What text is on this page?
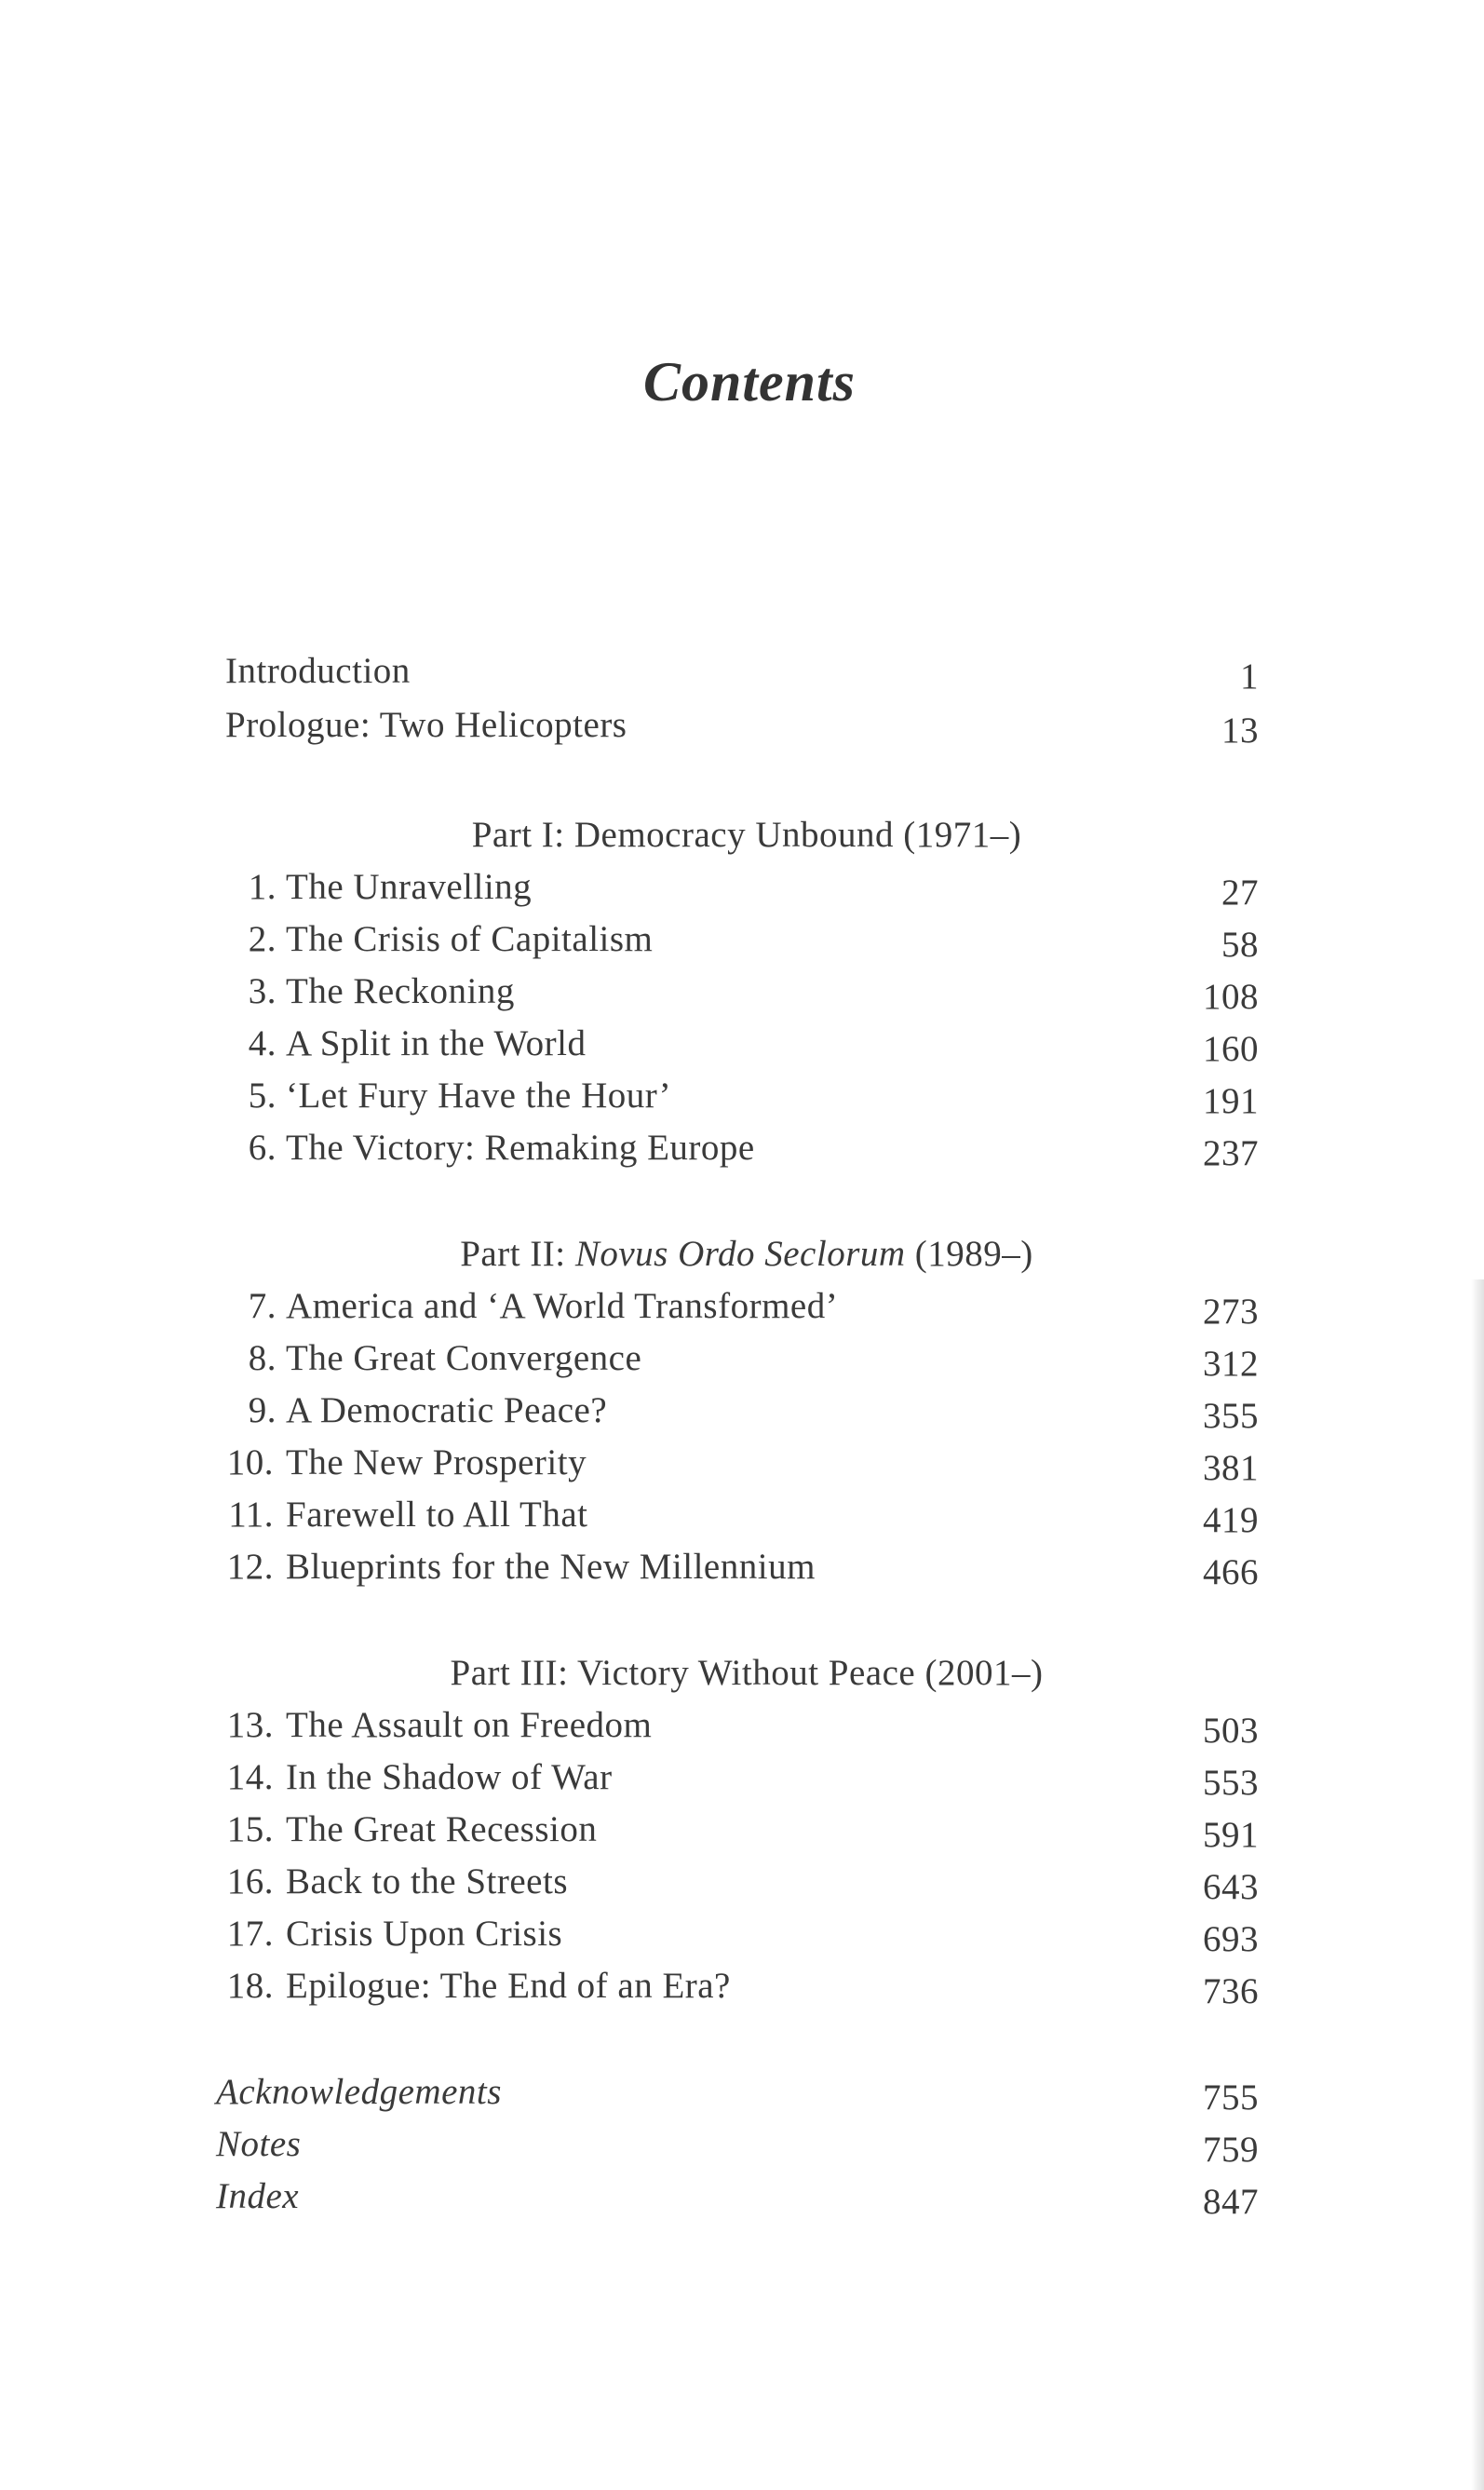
Contents
Introduction	1
Prologue: Two Helicopters	13
Part I: Democracy Unbound (1971–)
1. The Unravelling	27
2. The Crisis of Capitalism	58
3. The Reckoning	108
4. A Split in the World	160
5. ‘Let Fury Have the Hour’	191
6. The Victory: Remaking Europe	237
Part II: Novus Ordo Seclorum (1989–)
7. America and ‘A World Transformed’	273
8. The Great Convergence	312
9. A Democratic Peace?	355
10. The New Prosperity	381
11. Farewell to All That	419
12. Blueprints for the New Millennium	466
Part III: Victory Without Peace (2001–)
13. The Assault on Freedom	503
14. In the Shadow of War	553
15. The Great Recession	591
16. Back to the Streets	643
17. Crisis Upon Crisis	693
18. Epilogue: The End of an Era?	736
Acknowledgements	755
Notes	759
Index	847
